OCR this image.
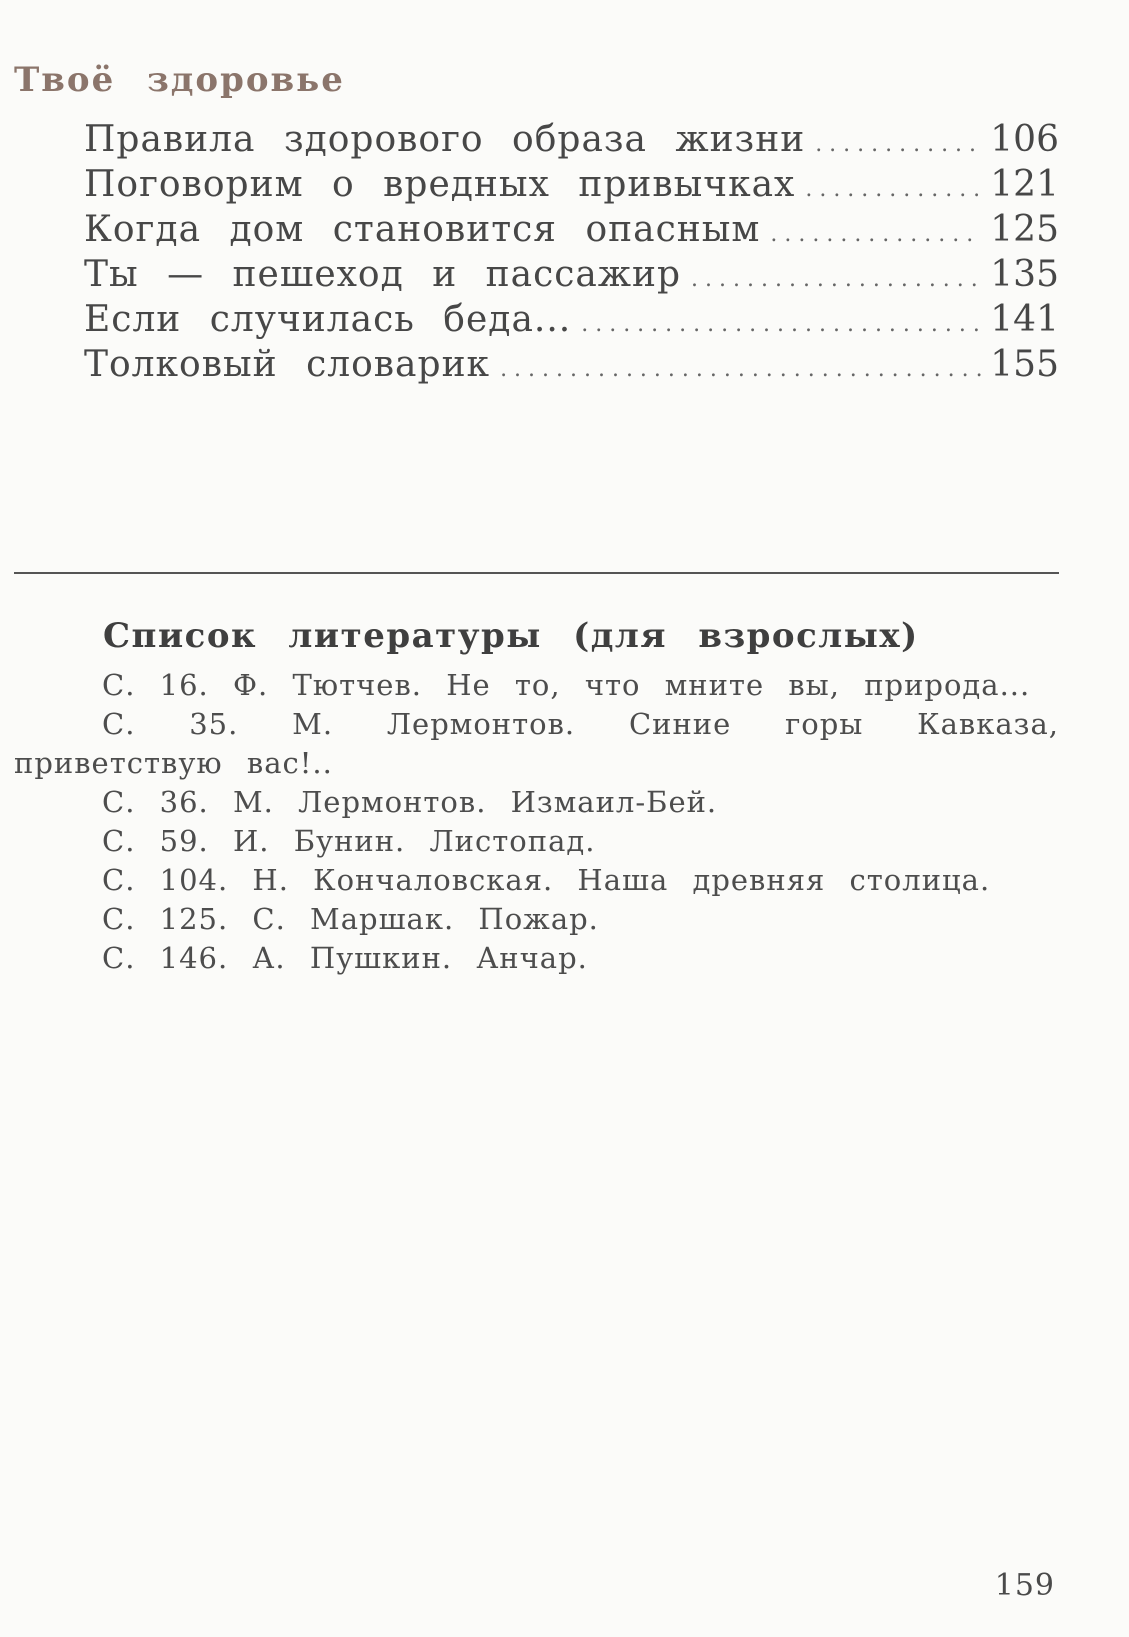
Твоё здоровье
Правила здорового образа жизни . . .	106
Поговорим о вредных привычках . . .	121
Когда дом становится опасным . . .	125
Ты — пешеход и пассажир . . .	135
Если случилась беда... . . .	141
Толковый словарик . . .	155
Список литературы (для взрослых)
С. 16. Ф. Тютчев. Не то, что мните вы, природа...
С. 35. М. Лермонтов. Синие горы Кавказа, приветствую вас!..
С. 36. М. Лермонтов. Измаил-Бей.
С. 59. И. Бунин. Листопад.
С. 104. Н. Кончаловская. Наша древняя столица.
С. 125. С. Маршак. Пожар.
С. 146. А. Пушкин. Анчар.
159
